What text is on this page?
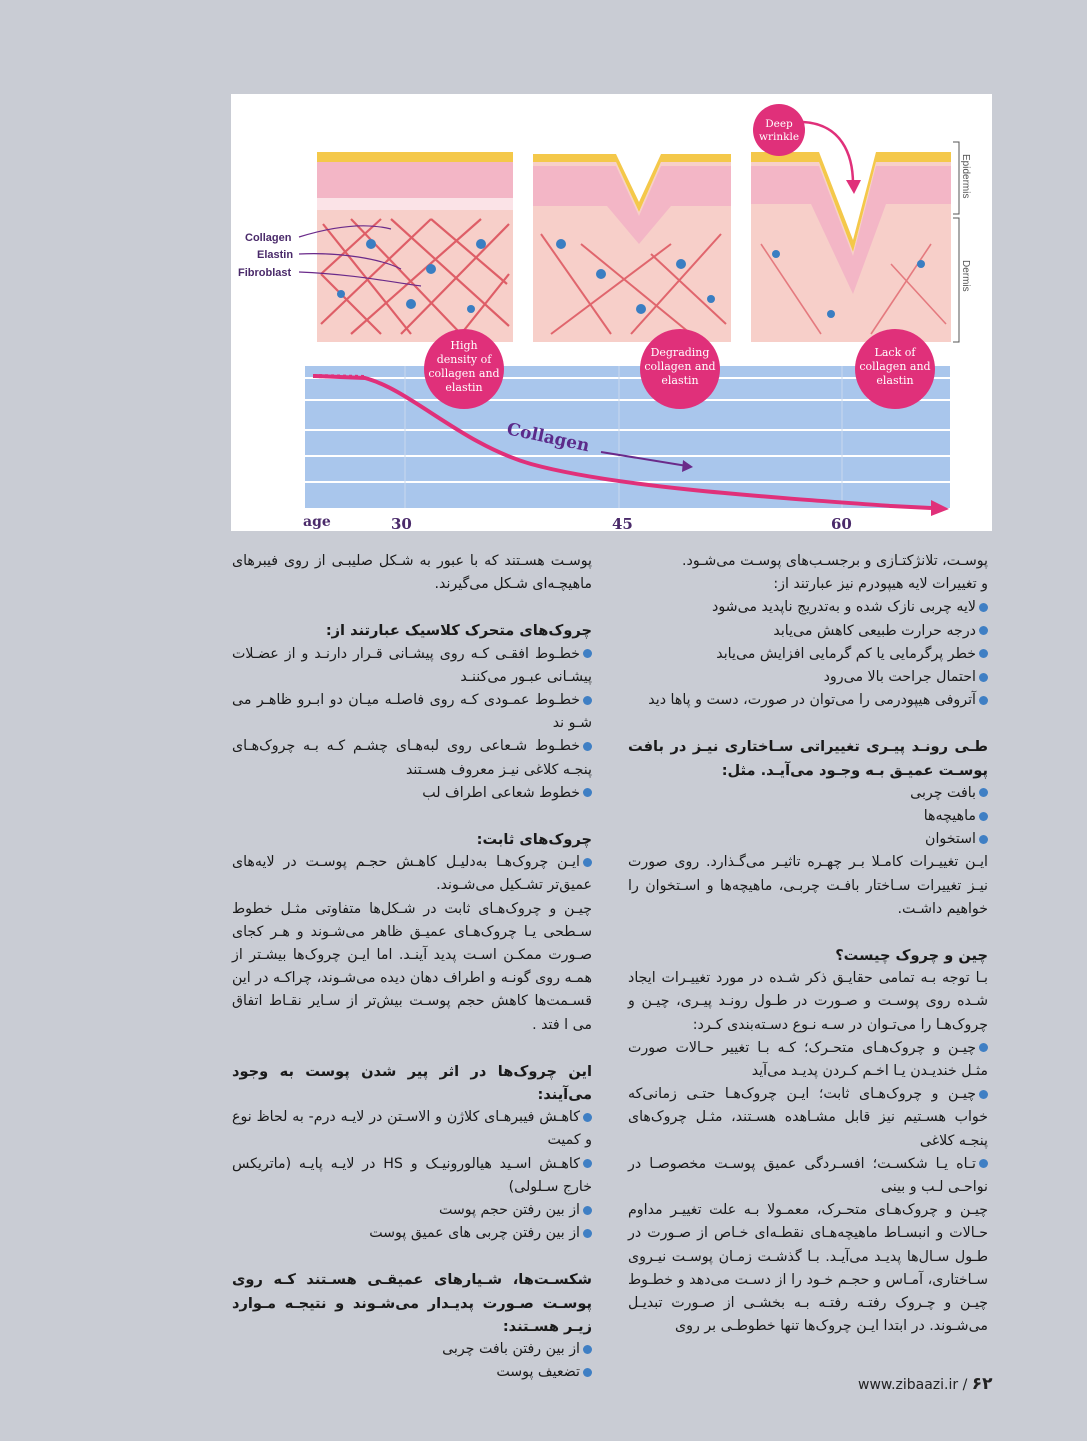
Collagen
age	30	45	60
Epidermis
Dermis
Collagen
Elastin
Fibroblast
Deep
wrinkle
High
density of
collagen and
elastin
Degrading
collagen and
elastin
Lack of
collagen and
elastin

پوسـت، تلانژکتـازی و برجسـب‌های پوسـت می‌شـود.

و تغییرات لایه هیپودرم نیز عبارتند از:

لایه چربی نازک شده و به‌تدریج ناپدید می‌شود

درجه حرارت طبیعی کاهش می‌یابد

خطر پرگرمایی یا کم گرمایی افزایش می‌یابد

احتمال جراحت بالا می‌رود

آتروفی هیپودرمی را می‌توان در صورت، دست و پاها دید

طـی رونـد پیـری تغییراتی سـاختاری نیـز در بافت پوسـت عمیـق بـه وجـود می‌آیـد. مثل:

بافت چربی

ماهیچه‌ها

استخوان

ایـن تغییـرات کامـلا بـر چهـره تاثیـر می‌گـذارد. روی صورت نیـز تغییرات سـاختار بافـت چربـی، ماهیچه‌ها و اسـتخوان را خواهیم داشـت.

چین و چروک چیست؟

بـا توجه بـه تمامی حقایـق ذکر شـده در مورد تغییـرات ایجاد شـده روی پوسـت و صـورت در طـول رونـد پیـری، چیـن و چروک‌هـا را می‌تـوان در سـه نـوع دسـته‌بندی کـرد:

چیـن و چروک‌هـای متحـرک؛ کـه بـا تغییر حـالات صورت مثـل خندیـدن یـا اخـم کـردن پدیـد می‌آید

چیـن و چروک‌هـای ثابت؛ ایـن چروک‌هـا حتـی زمانی‌که خواب هسـتیم نیز قابل مشـاهده هسـتند، مثـل چروک‌های پنجـه کلاغی

تـاه یـا شکسـت؛ افسـردگی عمیق پوسـت مخصوصـا در نواحـی لـب و بینی

چیـن و چروک‌هـای متحـرک، معمـولا بـه علت تغییـر مداوم حـالات و انبسـاط ماهیچه‌هـای نقطـه‌ای خـاص از صـورت در طـول سـال‌ها پدیـد می‌آیـد. بـا گذشـت زمـان پوسـت نیـروی سـاختاری، آمـاس و حجـم خـود را از دسـت می‌دهد و خطـوط چیـن و چـروک رفتـه رفتـه بـه بخشـی از صـورت تبدیـل می‌شـوند. در ابتدا ایـن چروک‌ها تنها خطوطـی بر روی

پوسـت هسـتند که با عبور به شـکل صلیبـی از روی فیبرهای ماهیچـه‌ای شـکل می‌گیرند.

چروک‌های متحرک کلاسیک عبارتند از:

خطـوط افقـی کـه روی پیشـانی قـرار دارنـد و از عضـلات پیشـانی عبـور می‌کننـد

خطـوط عمـودی کـه روی فاصلـه میـان دو ابـرو ظاهـر می شـو ند

خطـوط شـعاعی روی لبه‌هـای چشـم کـه بـه چروک‌هـای پنجـه کلاغی نیـز معروف هسـتند

خطوط شعاعی اطراف لب

چروک‌های ثابت:

ایـن چروک‌هـا به‌دلیـل کاهـش حجـم پوسـت در لایه‌های عمیق‌تر تشـکیل می‌شـوند.

چیـن و چروک‌هـای ثابت در شـکل‌ها متفاوتی مثـل خطوط سـطحی یـا چروک‌هـای عمیـق ظاهر می‌شـوند و هـر کجای صـورت ممکـن اسـت پدید آینـد. اما ایـن چروک‌ها بیشـتر از همـه روی گونـه و اطراف دهان دیده می‌شـوند، چراکـه در این قسـمت‌ها کاهش حجم پوسـت بیش‌تر از سـایر نقـاط اتفاق می ا فتد .

این چروک‌ها در اثر پیر شدن پوست به وجود می‌آیند:

کاهـش فیبرهـای کلاژن و الاسـتن در لایـه درم- به لحاظ نوع و کمیت

کاهـش اسـید هیالورونیـک و HS در لایـه پایـه (ماتریکس خارج سـلولی)

از بین رفتن حجم پوست

از بین رفتن چربی های عمیق پوست

شکسـت‌ها، شـیارهای عمیقـی هسـتند کـه روی پوسـت صـورت پدیـدار می‌شـوند و نتیجـه مـوارد زیـر هسـتند:

از بین رفتن بافت چربی

تضعیف پوست

www.zibaazi.ir / ۶۲
